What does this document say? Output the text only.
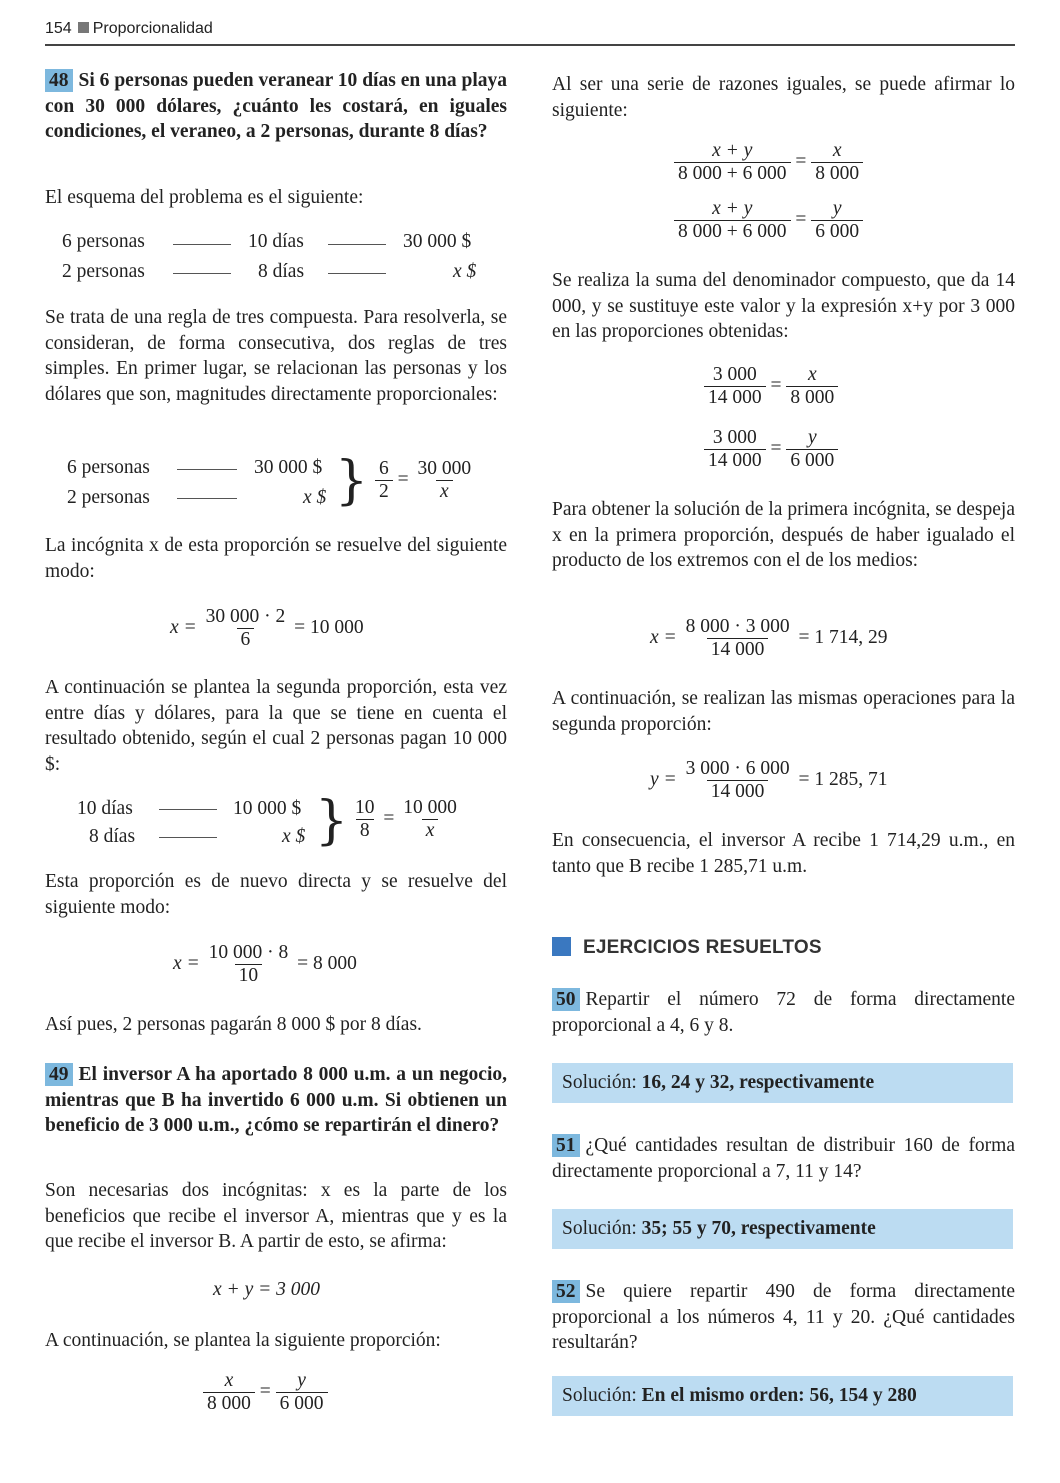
154 Proporcionalidad
48 Si 6 personas pueden veranear 10 días en una playa con 30 000 dólares, ¿cuánto les costará, en iguales condiciones, el veraneo, a 2 personas, durante 8 días?
El esquema del problema es el siguiente:
6 personas	10 días	30 000 $
2 personas	8 días	x $
Se trata de una regla de tres compuesta. Para resolverla, se consideran, de forma consecutiva, dos reglas de tres simples. En primer lugar, se relacionan las personas y los dólares que son, magnitudes directamente proporcionales:
6 personas	30 000 $
2 personas	x $ } $\frac{6}{2} = \frac{30 000}{x}$
La incógnita x de esta proporción se resuelve del siguiente modo:
$x = \frac{30 000 \cdot 2}{6} = 10$ 000
A continuación se plantea la segunda proporción, esta vez entre días y dólares, para la que se tiene en cuenta el resultado obtenido, según el cual 2 personas pagan 10 000 $:
10 días	10 000 $
8 días	x $ } $\frac{10}{8} = \frac{10 000}{x}$
Esta proporción es de nuevo directa y se resuelve del siguiente modo:
$x = \frac{10 000 \cdot 8}{10} = 8$ 000
Así pues, 2 personas pagarán 8 000 $ por 8 días.
49 El inversor A ha aportado 8 000 u.m. a un negocio, mientras que B ha invertido 6 000 u.m. Si obtienen un beneficio de 3 000 u.m., ¿cómo se repartirán el dinero?
Son necesarias dos incógnitas: x es la parte de los beneficios que recibe el inversor A, mientras que y es la que recibe el inversor B. A partir de esto, se afirma:
x + y = 3 000
A continuación, se plantea la siguiente proporción:
$\frac{x}{8 000} = \frac{y}{6 000}$
Al ser una serie de razones iguales, se puede afirmar lo siguiente:
$\frac{x + y}{8 000 + 6 000} = \frac{x}{8 000}$
$\frac{x + y}{8 000 + 6 000} = \frac{y}{6 000}$
Se realiza la suma del denominador compuesto, que da 14 000, y se sustituye este valor y la expresión x+y por 3 000 en las proporciones obtenidas:
$\frac{3 000}{14 000} = \frac{x}{8 000}$
$\frac{3 000}{14 000} = \frac{y}{6 000}$
Para obtener la solución de la primera incógnita, se despeja x en la primera proporción, después de haber igualado el producto de los extremos con el de los medios:
$x = \frac{8 000 \cdot 3 000}{14 000} = 1$ 714, 29
A continuación, se realizan las mismas operaciones para la segunda proporción:
$y = \frac{3 000 \cdot 6 000}{14 000} = 1$ 285, 71
En consecuencia, el inversor A recibe 1 714,29 u.m., en tanto que B recibe 1 285,71 u.m.
EJERCICIOS RESUELTOS
50 Repartir el número 72 de forma directamente proporcional a 4, 6 y 8.
Solución: 16, 24 y 32, respectivamente
51 ¿Qué cantidades resultan de distribuir 160 de forma directamente proporcional a 7, 11 y 14?
Solución: 35; 55 y 70, respectivamente
52 Se quiere repartir 490 de forma directamente proporcional a los números 4, 11 y 20. ¿Qué cantidades resultarán?
Solución: En el mismo orden: 56, 154 y 280
